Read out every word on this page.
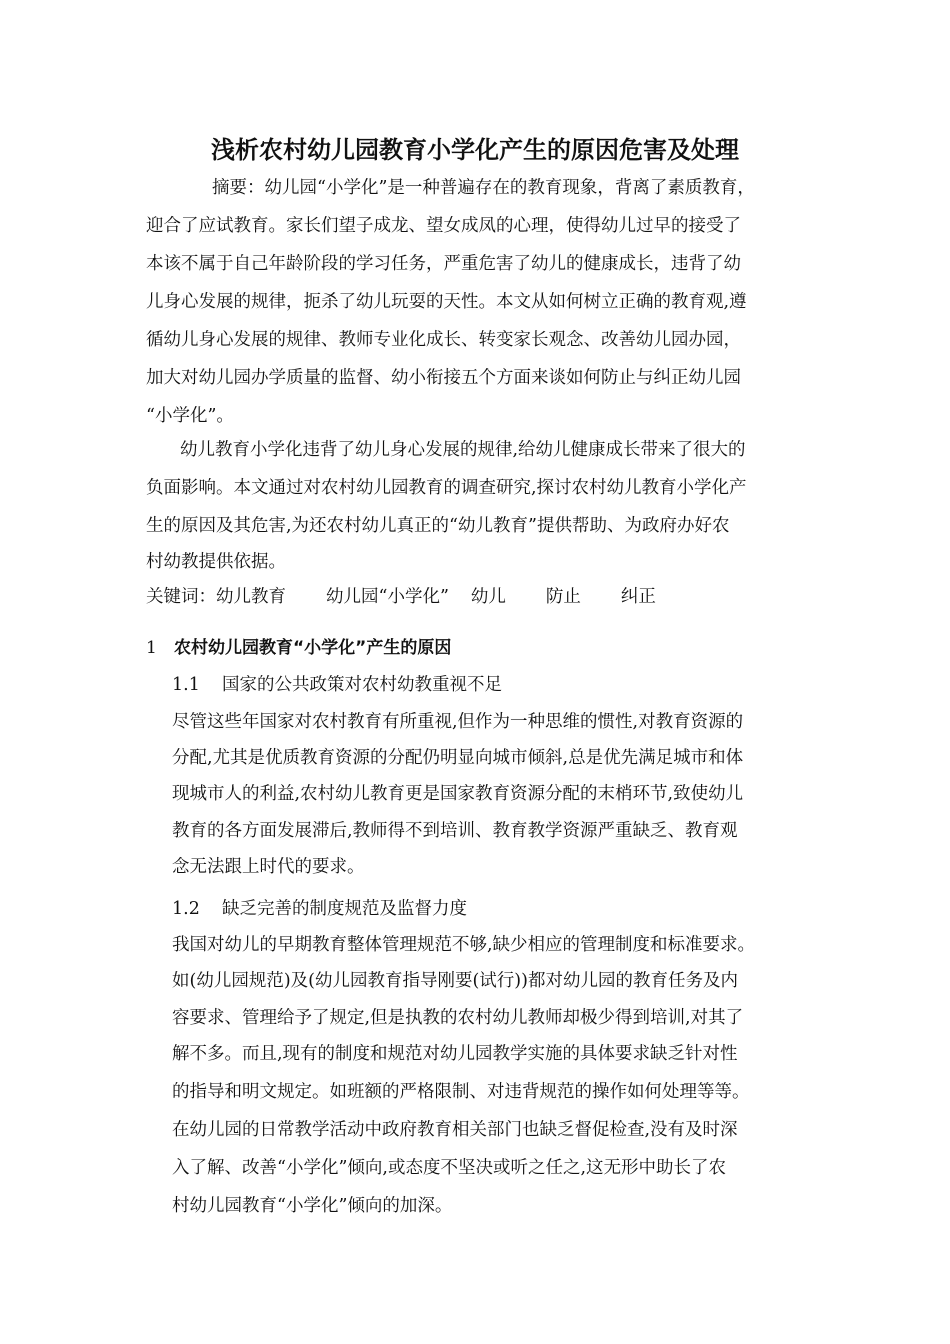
浅析农村幼儿园教育小学化产生的原因危害及处理
摘要：幼儿园“小学化”是一种普遍存在的教育现象，背离了素质教育，
迎合了应试教育。家长们望子成龙、望女成凤的心理，使得幼儿过早的接受了
本该不属于自己年龄阶段的学习任务，严重危害了幼儿的健康成长，违背了幼
儿身心发展的规律，扼杀了幼儿玩耍的天性。本文从如何树立正确的教育观,遵
循幼儿身心发展的规律、教师专业化成长、转变家长观念、改善幼儿园办园，
加大对幼儿园办学质量的监督、幼小衔接五个方面来谈如何防止与纠正幼儿园
“小学化”。
幼儿教育小学化违背了幼儿身心发展的规律,给幼儿健康成长带来了很大的
负面影响。本文通过对农村幼儿园教育的调查研究,探讨农村幼儿教育小学化产
生的原因及其危害,为还农村幼儿真正的“幼儿教育”提供帮助、为政府办好农
村幼教提供依据。
关键词：幼儿教育 幼儿园“小学化” 幼儿 防止 纠正
1 农村幼儿园教育“小学化”产生的原因
1.1 国家的公共政策对农村幼教重视不足
尽管这些年国家对农村教育有所重视,但作为一种思维的惯性,对教育资源的
分配,尤其是优质教育资源的分配仍明显向城市倾斜,总是优先满足城市和体
现城市人的利益,农村幼儿教育更是国家教育资源分配的末梢环节,致使幼儿
教育的各方面发展滞后,教师得不到培训、教育教学资源严重缺乏、教育观
念无法跟上时代的要求。
1.2 缺乏完善的制度规范及监督力度
我国对幼儿的早期教育整体管理规范不够,缺少相应的管理制度和标准要求。
如(幼儿园规范)及(幼儿园教育指导刚要(试行))都对幼儿园的教育任务及内
容要求、管理给予了规定,但是执教的农村幼儿教师却极少得到培训,对其了
解不多。而且,现有的制度和规范对幼儿园教学实施的具体要求缺乏针对性
的指导和明文规定。如班额的严格限制、对违背规范的操作如何处理等等。
在幼儿园的日常教学活动中政府教育相关部门也缺乏督促检查,没有及时深
入了解、改善“小学化”倾向,或态度不坚决或听之任之,这无形中助长了农
村幼儿园教育“小学化”倾向的加深。
